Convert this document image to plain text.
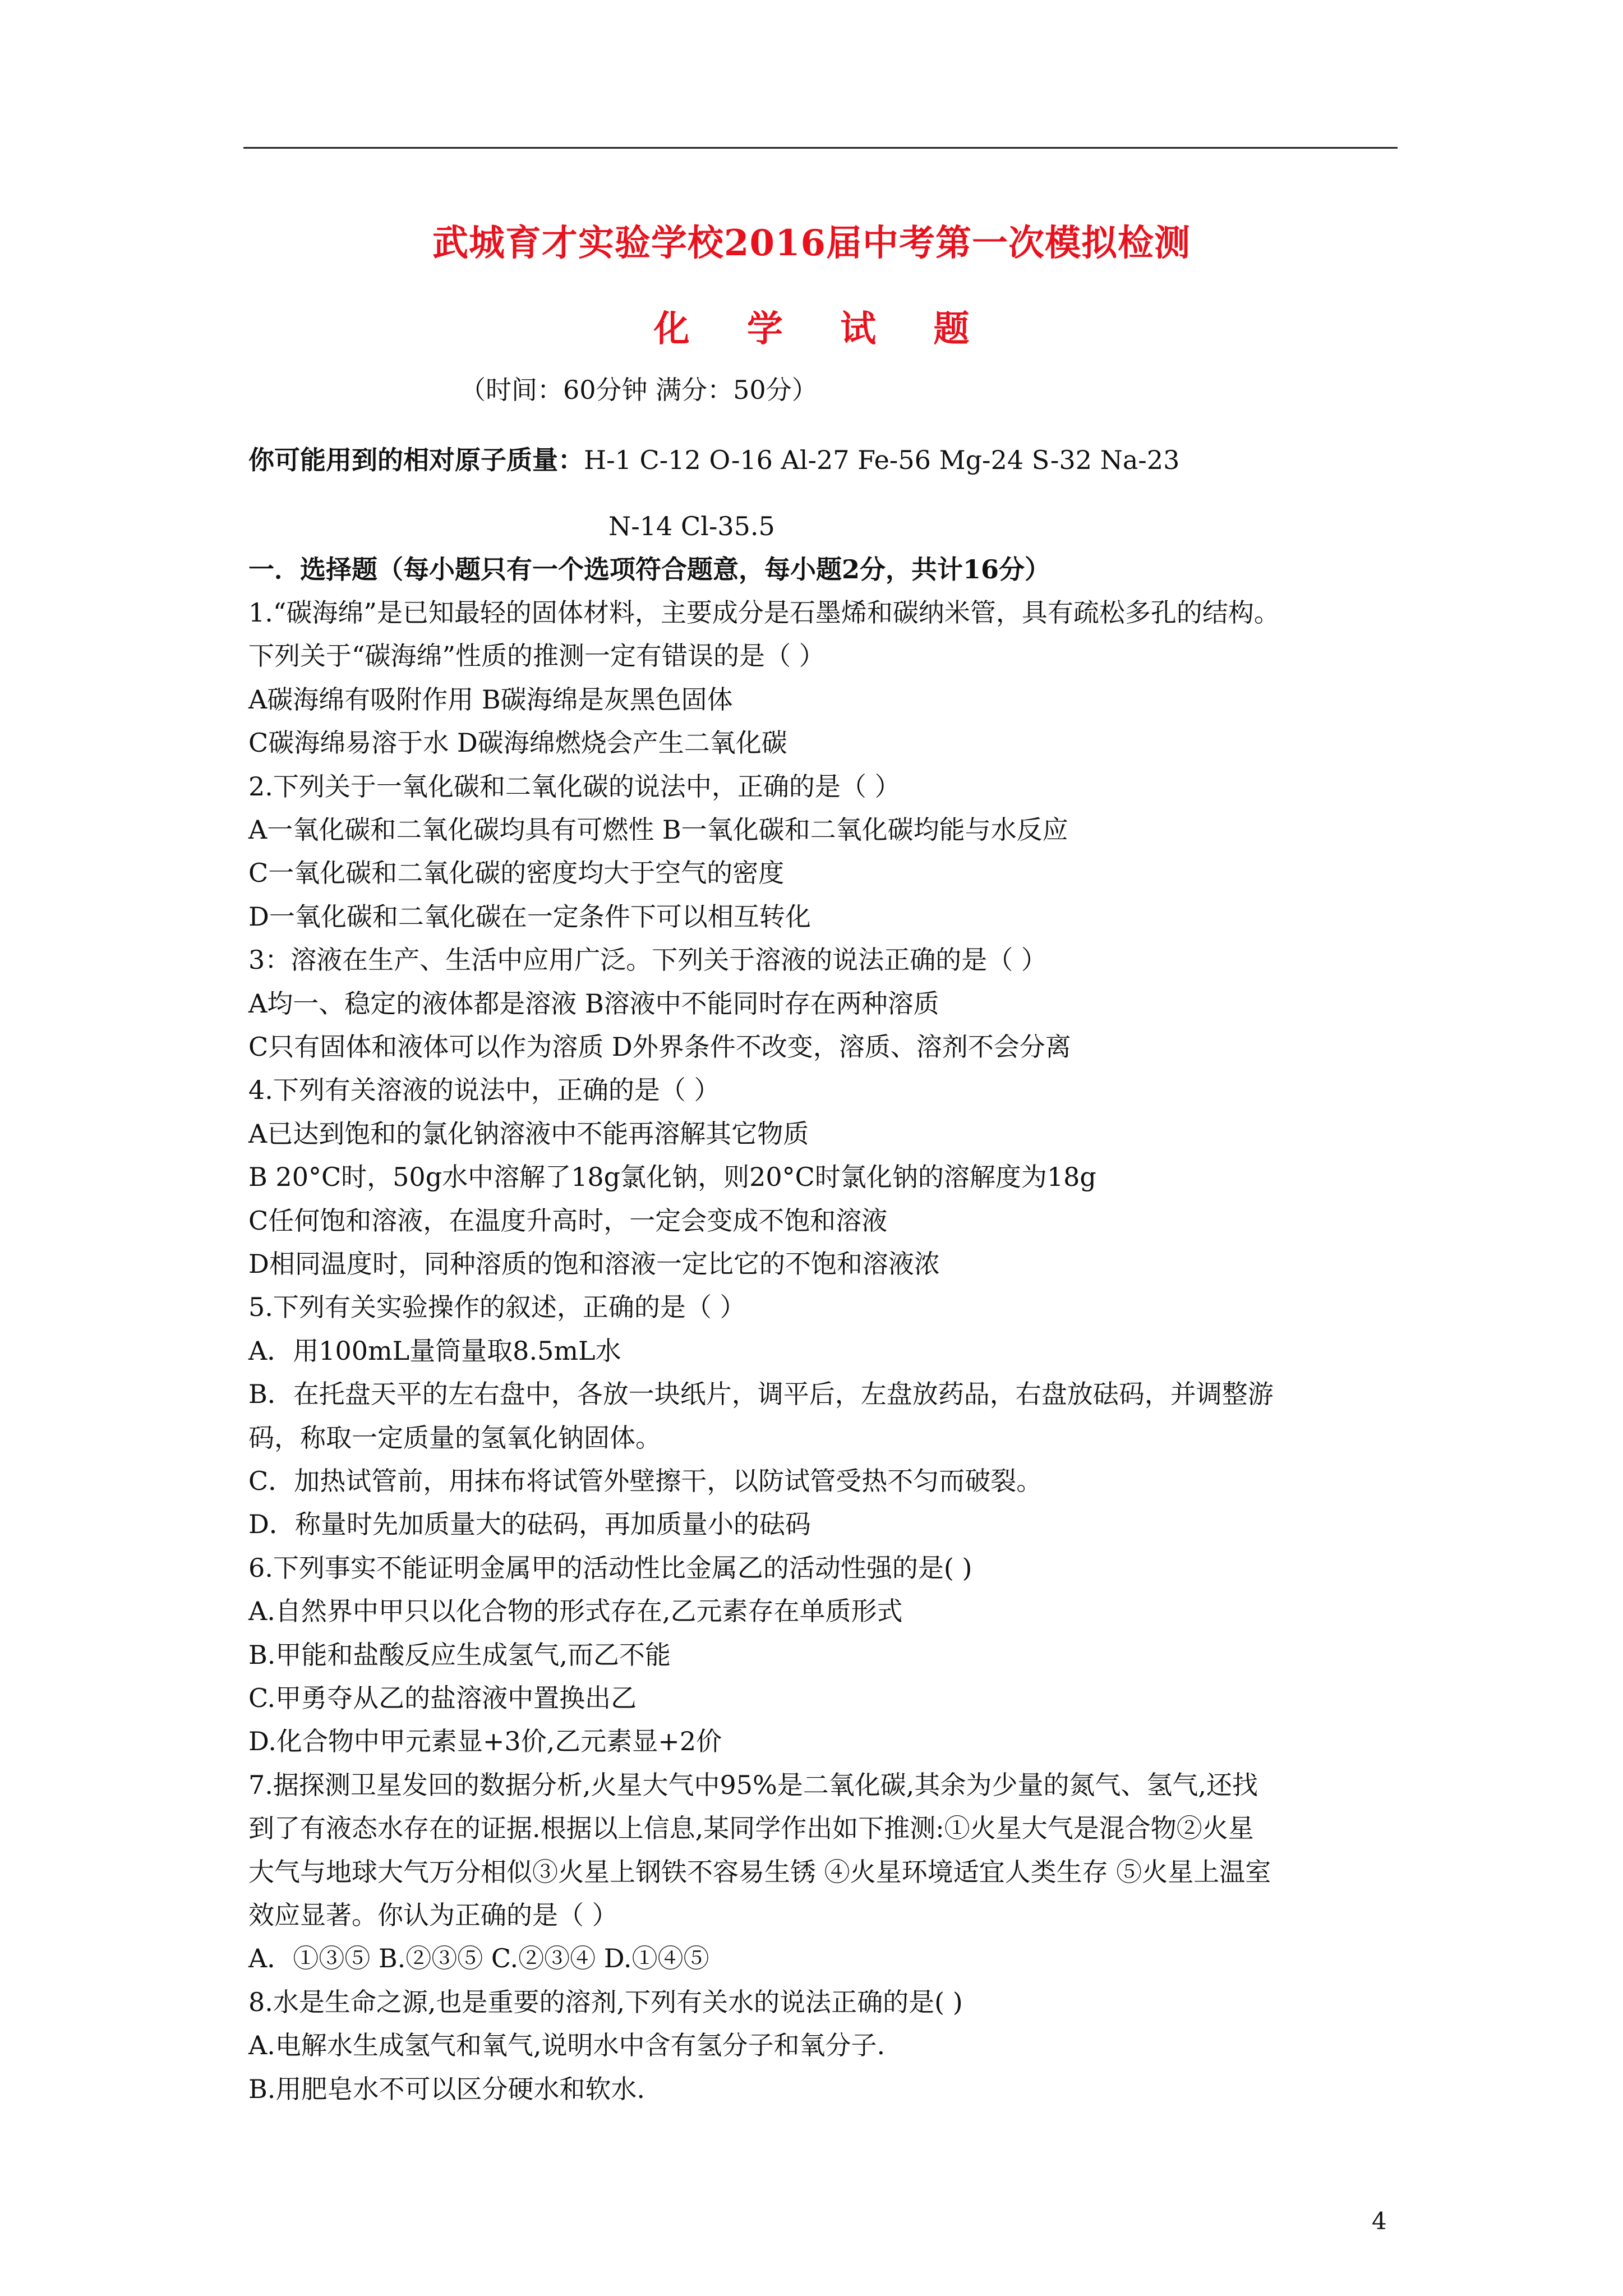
武城育才实验学校2016届中考第一次模拟检测
化 学 试 题
（时间：60分钟 满分：50分）
你可能用到的相对原子质量：H-1 C-12 O-16 Al-27 Fe-56 Mg-24 S-32 Na-23
N-14 Cl-35.5
一．选择题（每小题只有一个选项符合题意，每小题2分，共计16分）
1.“碳海绵”是已知最轻的固体材料，主要成分是石墨烯和碳纳米管，具有疏松多孔的结构。
下列关于“碳海绵”性质的推测一定有错误的是（ ）
A碳海绵有吸附作用 B碳海绵是灰黑色固体
C碳海绵易溶于水 D碳海绵燃烧会产生二氧化碳
2.下列关于一氧化碳和二氧化碳的说法中，正确的是（ ）
A一氧化碳和二氧化碳均具有可燃性 B一氧化碳和二氧化碳均能与水反应
C一氧化碳和二氧化碳的密度均大于空气的密度
D一氧化碳和二氧化碳在一定条件下可以相互转化
3：溶液在生产、生活中应用广泛。下列关于溶液的说法正确的是（ ）
A均一、稳定的液体都是溶液 B溶液中不能同时存在两种溶质
C只有固体和液体可以作为溶质 D外界条件不改变，溶质、溶剂不会分离
4.下列有关溶液的说法中，正确的是（ ）
A已达到饱和的氯化钠溶液中不能再溶解其它物质
B 20°C时，50g水中溶解了18g氯化钠，则20°C时氯化钠的溶解度为18g
C任何饱和溶液，在温度升高时，一定会变成不饱和溶液
D相同温度时，同种溶质的饱和溶液一定比它的不饱和溶液浓
5.下列有关实验操作的叙述，正确的是（ ）
A．用100mL量筒量取8.5mL水
B．在托盘天平的左右盘中，各放一块纸片，调平后，左盘放药品，右盘放砝码，并调整游
码，称取一定质量的氢氧化钠固体。
C．加热试管前，用抹布将试管外壁擦干，以防试管受热不匀而破裂。
D．称量时先加质量大的砝码，再加质量小的砝码
6.下列事实不能证明金属甲的活动性比金属乙的活动性强的是( )
A.自然界中甲只以化合物的形式存在,乙元素存在单质形式
B.甲能和盐酸反应生成氢气,而乙不能
C.甲勇夺从乙的盐溶液中置换出乙
D.化合物中甲元素显+3价,乙元素显+2价
7.据探测卫星发回的数据分析,火星大气中95%是二氧化碳,其余为少量的氮气、氢气,还找
到了有液态水存在的证据.根据以上信息,某同学作出如下推测:①火星大气是混合物②火星
大气与地球大气万分相似③火星上钢铁不容易生锈 ④火星环境适宜人类生存 ⑤火星上温室
效应显著。你认为正确的是（ ）
A．①③⑤ B.②③⑤ C.②③④ D.①④⑤
8.水是生命之源,也是重要的溶剂,下列有关水的说法正确的是( )
A.电解水生成氢气和氧气,说明水中含有氢分子和氧分子.
B.用肥皂水不可以区分硬水和软水.
4
